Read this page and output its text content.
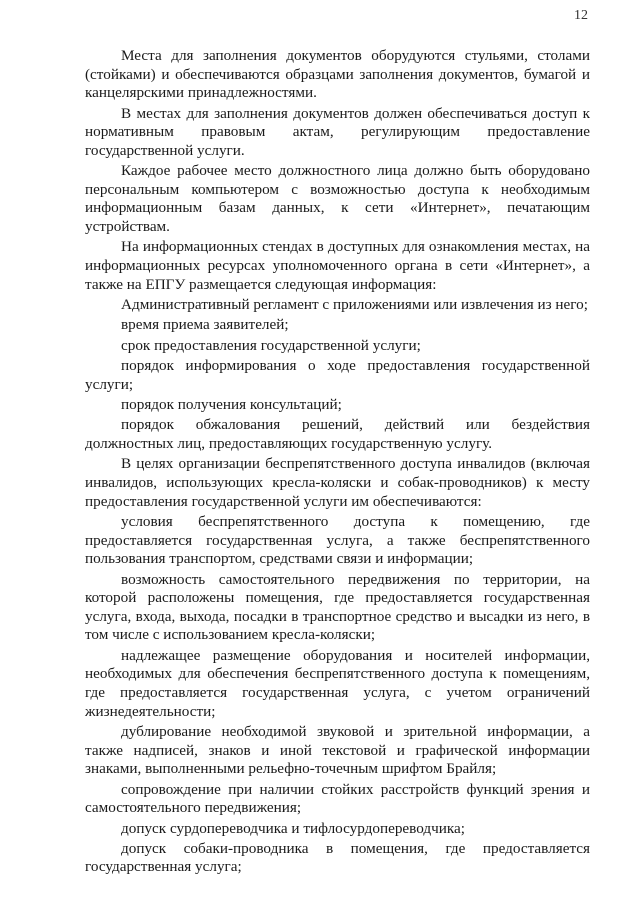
12

Места для заполнения документов оборудуются стульями, столами (стойками) и обеспечиваются образцами заполнения документов, бумагой и канцелярскими принадлежностями.

В местах для заполнения документов должен обеспечиваться доступ к нормативным правовым актам, регулирующим предоставление государственной услуги.

Каждое рабочее место должностного лица должно быть оборудовано персональным компьютером с возможностью доступа к необходимым информационным базам данных, к сети «Интернет», печатающим устройствам.

На информационных стендах в доступных для ознакомления местах, на информационных ресурсах уполномоченного органа в сети «Интернет», а также на ЕПГУ размещается следующая информация:

Административный регламент с приложениями или извлечения из него;

время приема заявителей;

срок предоставления государственной услуги;

порядок информирования о ходе предоставления государственной услуги;

порядок получения консультаций;

порядок обжалования решений, действий или бездействия должностных лиц, предоставляющих государственную услугу.

В целях организации беспрепятственного доступа инвалидов (включая инвалидов, использующих кресла-коляски и собак-проводников) к месту предоставления государственной услуги им обеспечиваются:

условия беспрепятственного доступа к помещению, где предоставляется государственная услуга, а также беспрепятственного пользования транспортом, средствами связи и информации;

возможность самостоятельного передвижения по территории, на которой расположены помещения, где предоставляется государственная услуга, входа, выхода, посадки в транспортное средство и высадки из него, в том числе с использованием кресла-коляски;

надлежащее размещение оборудования и носителей информации, необходимых для обеспечения беспрепятственного доступа к помещениям, где предоставляется государственная услуга, с учетом ограничений жизнедеятельности;

дублирование необходимой звуковой и зрительной информации, а также надписей, знаков и иной текстовой и графической информации знаками, выполненными рельефно-точечным шрифтом Брайля;

сопровождение при наличии стойких расстройств функций зрения и самостоятельного передвижения;

допуск сурдопереводчика и тифлосурдопереводчика;

допуск собаки-проводника в помещения, где предоставляется государственная услуга;
